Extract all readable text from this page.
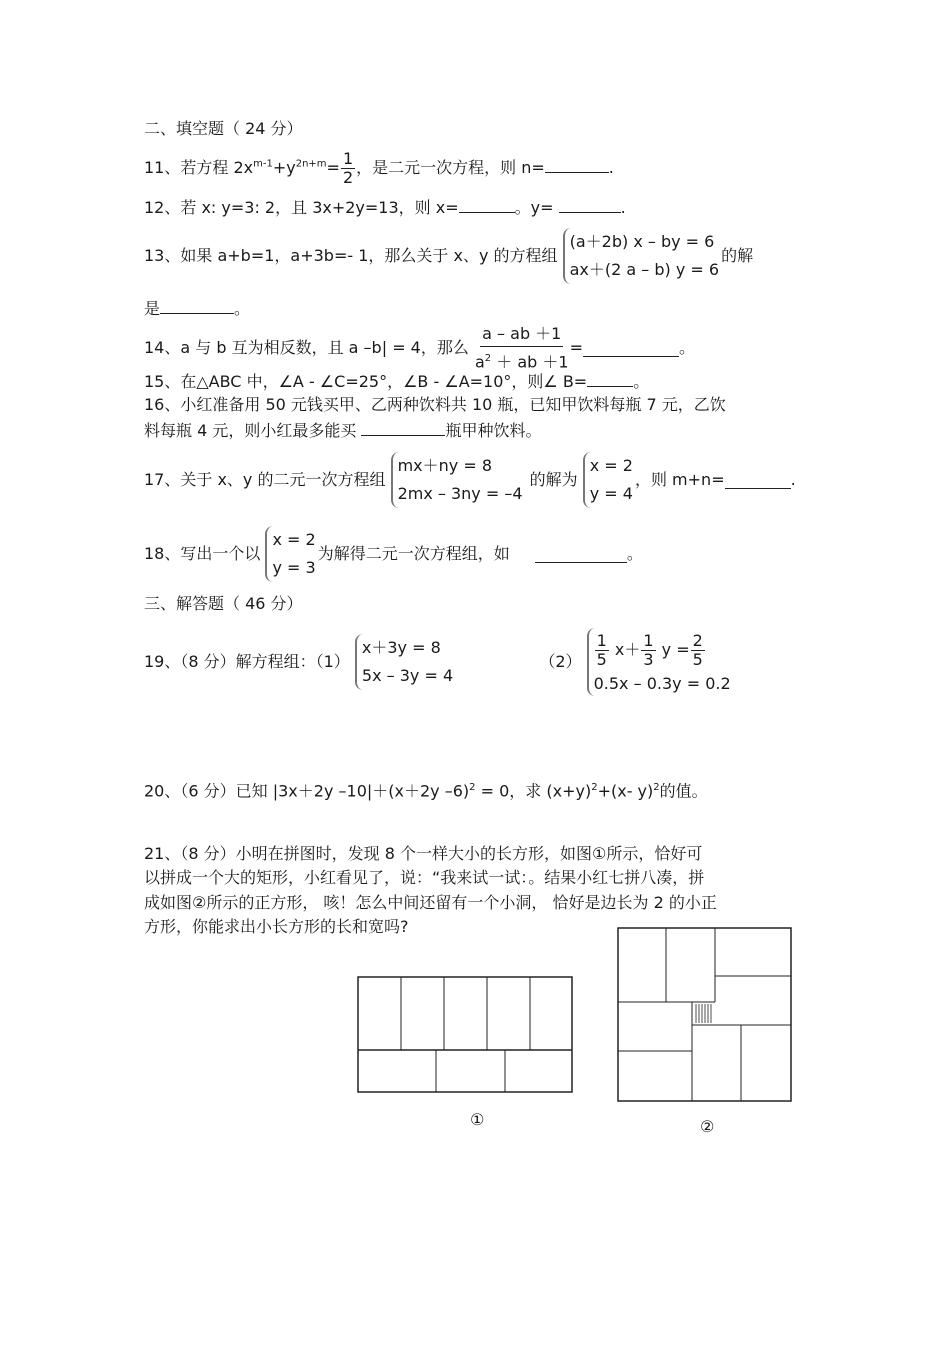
二、填空题（ 24 分）
11、若方程 $2x^{m-1}+y^{2n+m}= \frac{1}{2}$ ，是二元一次方程，则 n=	.
12、若 x: y=3: 2，且 3x+2y=13，则 x=	。y=	.
13、如果 a+b=1，a+3b=- 1，那么关于 x、y 的方程组
(a＋2b) x – by = 6
ax＋(2 a – b) y = 6
的解
是	。
14、a 与 b 互为相反数，且 a –b| = 4，那么 $\frac{a - ab +1}{a^2 + ab +1}$ =	。
15、在△ABC 中，∠A - ∠C=25°，∠B - ∠A=10°，则∠ B=	。
16、小红准备用 50 元钱买甲、乙两种饮料共 10 瓶，已知甲饮料每瓶 7 元，乙饮
料每瓶 4 元，则小红最多能买	瓶甲种饮料。
17、关于 x、y 的二元一次方程组
mx＋ny = 8
2mx – 3ny = –4
的解为
x = 2
y = 4
，则 m+n=	.
18、写出一个以
x = 2
y = 3
为解得二元一次方程组，如	。
三、解答题（ 46 分）
19、（8 分）解方程组：（1）
x＋3y = 8
5x – 3y = 4
$(2) \frac{1}{5} x+ \frac{1}{3}$ $y = \frac{2}{5}$
0.5x – 0.3y = 0.2
20、（6 分）已知 |3x＋2y –10|＋(x＋2y –6)$^2$ = 0，求 $(x+y)^2+(x-$ y)$^2$的值。
21、（8 分）小明在拼图时，发现 8 个一样大小的长方形，如图①所示，恰好可
以拼成一个大的矩形，小红看见了，说：“我来试一试：。结果小红七拼八凑，拼
成如图②所示的正方形， 咳！怎么中间还留有一个小洞， 恰好是边长为 2 的小正
方形，你能求出小长方形的长和宽吗?
①	②
